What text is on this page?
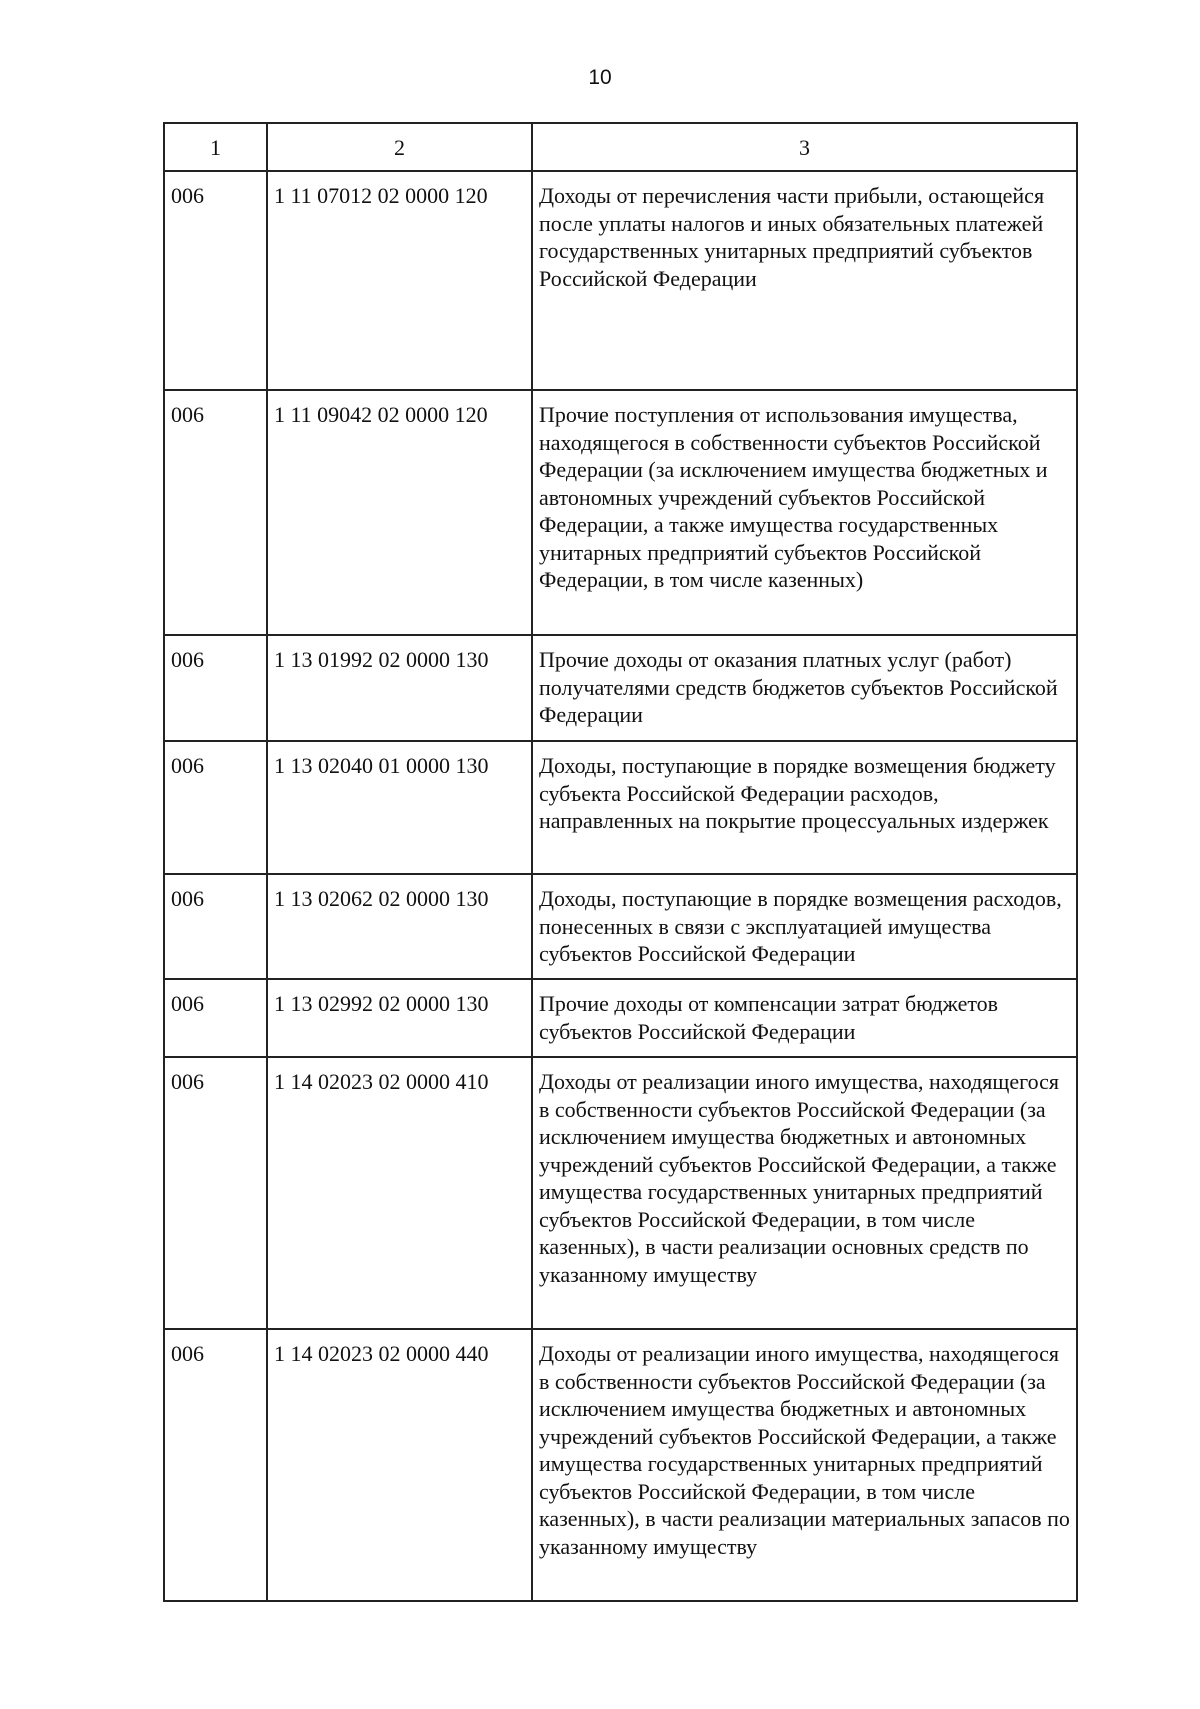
10
1	2	3
006	1 11 07012 02 0000 120	Доходы от перечисления части прибыли, остающейся после уплаты налогов и иных обязательных платежей государственных унитарных предприятий субъектов Российской Федерации
006	1 11 09042 02 0000 120	Прочие поступления от использования имущества, находящегося в собственности субъектов Российской Федерации (за исключением имущества бюджетных и автономных учреждений субъектов Российской Федерации, а также имущества государственных унитарных предприятий субъектов Российской Федерации, в том числе казенных)
006	1 13 01992 02 0000 130	Прочие доходы от оказания платных услуг (работ) получателями средств бюджетов субъектов Российской Федерации
006	1 13 02040 01 0000 130	Доходы, поступающие в порядке возмещения бюджету субъекта Российской Федерации расходов, направленных на покрытие процессуальных издержек
006	1 13 02062 02 0000 130	Доходы, поступающие в порядке возмещения расходов, понесенных в связи с эксплуатацией имущества субъектов Российской Федерации
006	1 13 02992 02 0000 130	Прочие доходы от компенсации затрат бюджетов субъектов Российской Федерации
006	1 14 02023 02 0000 410	Доходы от реализации иного имущества, находящегося в собственности субъектов Российской Федерации (за исключением имущества бюджетных и автономных учреждений субъектов Российской Федерации, а также имущества государственных унитарных предприятий субъектов Российской Федерации, в том числе казенных), в части реализации основных средств по указанному имуществу
006	1 14 02023 02 0000 440	Доходы от реализации иного имущества, находящегося в собственности субъектов Российской Федерации (за исключением имущества бюджетных и автономных учреждений субъектов Российской Федерации, а также имущества государственных унитарных предприятий субъектов Российской Федерации, в том числе казенных), в части реализации материальных запасов по указанному имуществу
